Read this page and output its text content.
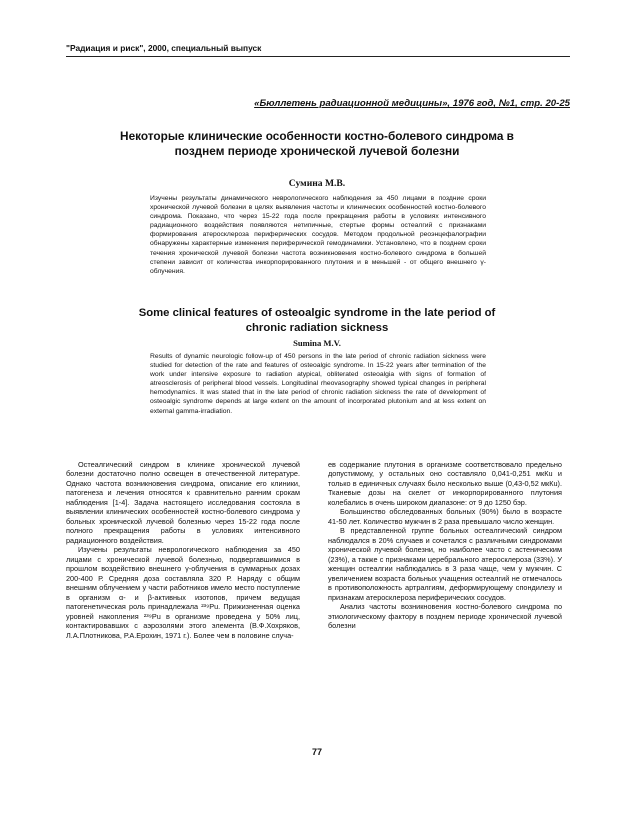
"Радиация и риск", 2000, специальный выпуск
«Бюллетень радиационной медицины», 1976 год, №1, стр. 20-25
Некоторые клинические особенности костно-болевого синдрома в позднем периоде хронической лучевой болезни
Сумина М.В.
Изучены результаты динамического неврологического наблюдения за 450 лицами в поздние сроки хронической лучевой болезни в целях выявления частоты и клинических особенностей костно-болевого синдрома. Показано, что через 15-22 года после прекращения работы в условиях интенсивного радиационного воздействия появляются нетипичные, стертые формы остеалгий с признаками формирования атеросклероза периферических сосудов. Методом продольной реоэнцефалографии обнаружены характерные изменения периферической гемодинамики. Установлено, что в позднем сроки течения хронической лучевой болезни частота возникновения костно-болевого синдрома в большей степени зависит от количества инкорпорированного плутония и в меньшей - от общего внешнего γ-облучения.
Some clinical features of osteoalgic syndrome in the late period of chronic radiation sickness
Sumina M.V.
Results of dynamic neurologic follow-up of 450 persons in the late period of chronic radiation sickness were studied for detection of the rate and features of osteoalgic syndrome. In 15-22 years after termination of the work under intensive exposure to radiation atypical, obliterated osteoalgia with signs of formation of atreosclerosis of peripheral blood vessels. Longitudinal rheovasography showed typical changes in peripheral hemodynamics. It was stated that in the late period of chronic radiation sickness the rate of development of osteoalgic syndrome depends at large extent on the amount of incorporated plutonium and at less extent on external gamma-irradiation.

Остеалгический синдром в клинике хронической лучевой болезни достаточно полно освещен в отечественной литературе. Однако частота возникновения синдрома, описание его клиники, патогенеза и лечения относятся к сравнительно ранним срокам наблюдения [1-4]. Задача настоящего исследования состояла в выявлении клинических особенностей костно-болевого синдрома у больных хронической лучевой болезнью через 15-22 года после полного прекращения работы в условиях интенсивного радиационного воздействия.

Изучены результаты неврологического наблюдения за 450 лицами с хронической лучевой болезнью, подвергавшимися в прошлом воздействию внешнего γ-облучения в суммарных дозах 200-400 Р. Средняя доза составляла 320 Р. Наряду с общим внешним облучением у части работников имело место поступление в организм α- и β-активных изотопов, причем ведущая патогенетическая роль принадлежала ²³⁹Pu. Прижизненная оценка уровней накопления ²³⁹Pu в организме проведена у 50% лиц, контактировавших с аэрозолями этого элемента (В.Ф.Хохряков, Л.А.Плотникова, Р.А.Ерохин, 1971 г.). Более чем в половине случа-

ев содержание плутония в организме соответствовало предельно допустимому, у остальных оно составляло 0,041-0,251 мкКu и только в единичных случаях было несколько выше (0,43-0,52 мкКu). Тканевые дозы на скелет от инкорпорированного плутония колебались в очень широком диапазоне: от 9 до 1250 бэр.

Большинство обследованных больных (90%) было в возрасте 41-50 лет. Количество мужчин в 2 раза превышало число женщин.

В представленной группе больных остеалгический синдром наблюдался в 20% случаев и сочетался с различными синдромами хронической лучевой болезни, но наиболее часто с астеническим (23%), а также с признаками церебрального атеросклероза (33%). У женщин остеалгии наблюдались в 3 раза чаще, чем у мужчин. С увеличением возраста больных учащения остеалгий не отмечалось в противоположность артралгиям, деформирующему спондилезу и признакам атеросклероза периферических сосудов.

Анализ частоты возникновения костно-болевого синдрома по этиологическому фактору в позднем периоде хронической лучевой болезни

77
